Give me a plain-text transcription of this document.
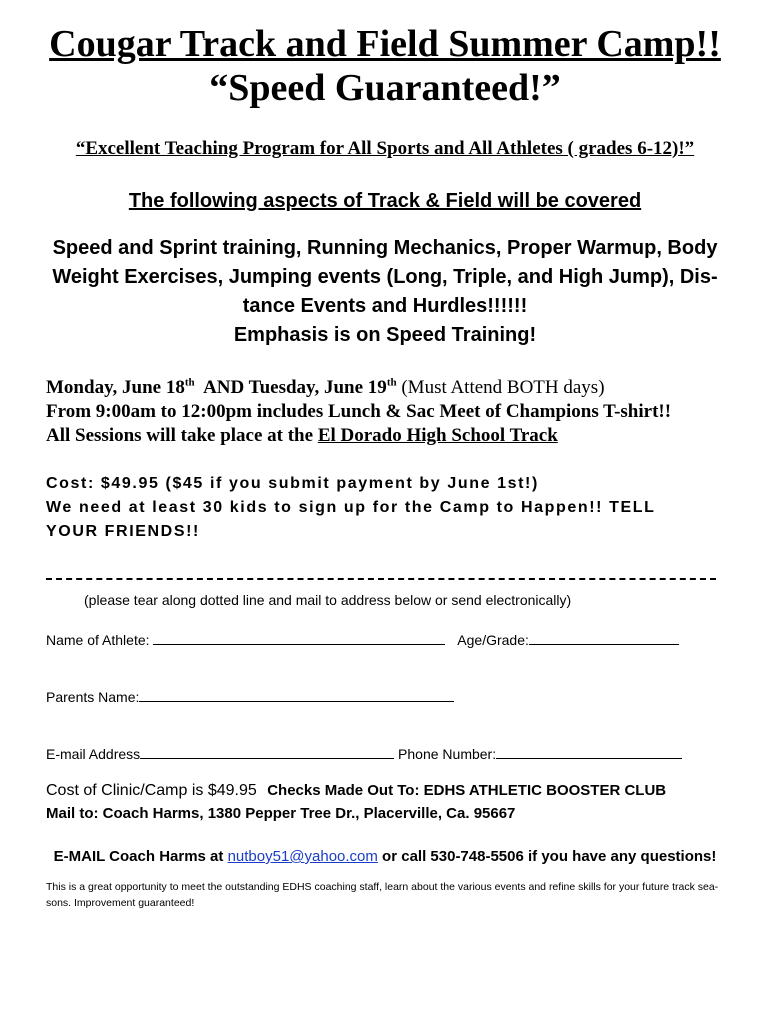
Cougar Track and Field Summer Camp!!
“Speed Guaranteed!”

“Excellent Teaching Program for All Sports and All Athletes ( grades 6-12)!”

The following aspects of Track & Field will be covered

Speed and Sprint training, Running Mechanics, Proper Warmup, Body
Weight Exercises, Jumping events (Long, Triple, and High Jump), Dis-
tance Events and Hurdles!!!!!!
Emphasis is on Speed Training!
Monday, June 18th  AND Tuesday, June 19th (Must Attend BOTH days)
From 9:00am to 12:00pm includes Lunch & Sac Meet of Champions T-shirt!!
All Sessions will take place at the El Dorado High School Track
Cost: $49.95 ($45 if you submit payment by June 1st!)
We need at least 30 kids to sign up for the Camp to Happen!! TELL
YOUR FRIENDS!!

(please tear along dotted line and mail to address below or send electronically)

Name of Athlete:	Age/Grade:
Parents Name:
E-mail Address	Phone Number:
Cost of Clinic/Camp is $49.95 Checks Made Out To: EDHS ATHLETIC BOOSTER CLUB
Mail to: Coach Harms, 1380 Pepper Tree Dr., Placerville, Ca. 95667
E-MAIL Coach Harms at nutboy51@yahoo.com or call 530-748-5506 if you have any questions!
This is a great opportunity to meet the outstanding EDHS coaching staff, learn about the various events and refine skills for your future track sea-
sons. Improvement guaranteed!
